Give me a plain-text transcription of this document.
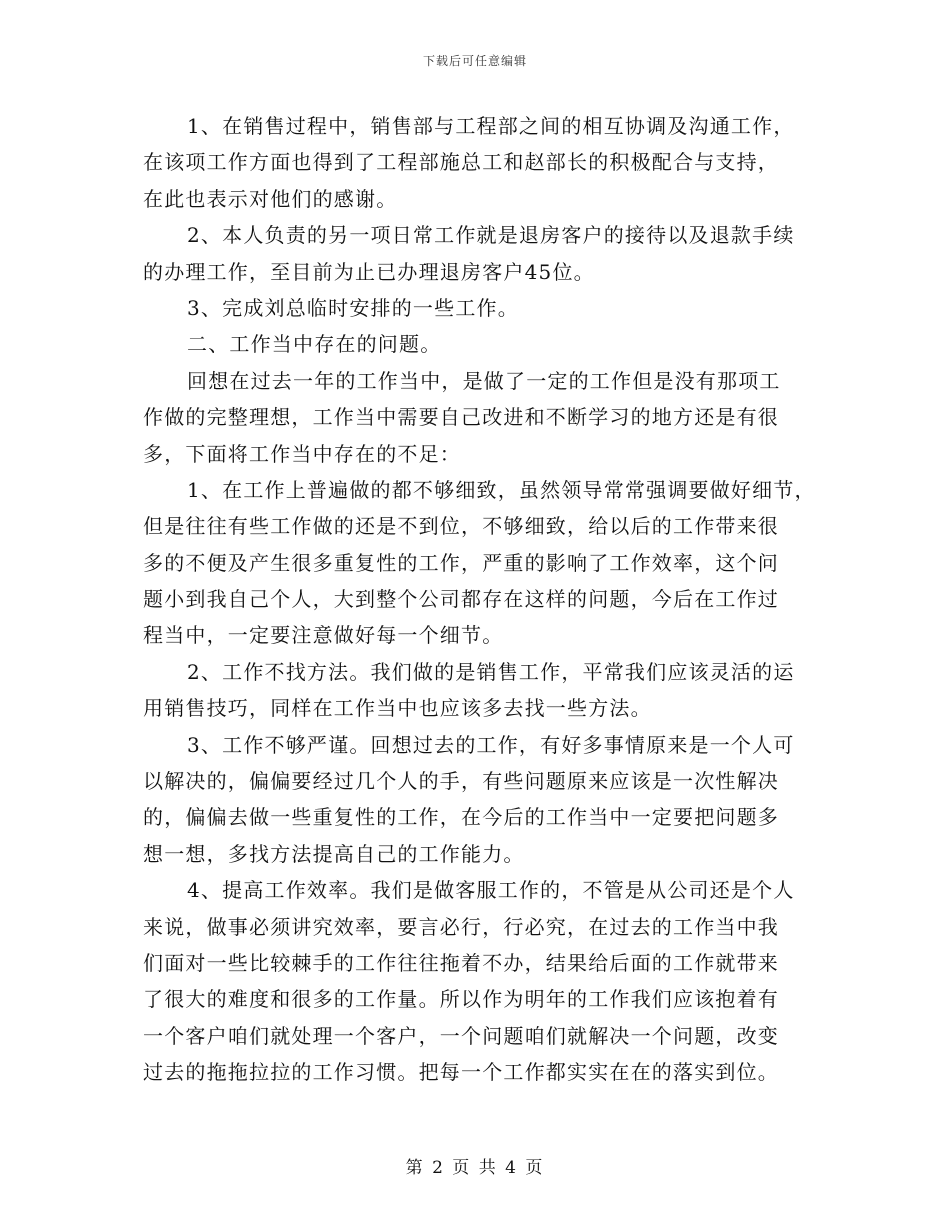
下载后可任意编辑
1、在销售过程中，销售部与工程部之间的相互协调及沟通工作，
在该项工作方面也得到了工程部施总工和赵部长的积极配合与支持，
在此也表示对他们的感谢。
2、本人负责的另一项日常工作就是退房客户的接待以及退款手续
的办理工作，至目前为止已办理退房客户45位。
3、完成刘总临时安排的一些工作。
二、工作当中存在的问题。
回想在过去一年的工作当中，是做了一定的工作但是没有那项工
作做的完整理想，工作当中需要自己改进和不断学习的地方还是有很
多，下面将工作当中存在的不足：
1、在工作上普遍做的都不够细致，虽然领导常常强调要做好细节，
但是往往有些工作做的还是不到位，不够细致，给以后的工作带来很
多的不便及产生很多重复性的工作，严重的影响了工作效率，这个问
题小到我自己个人，大到整个公司都存在这样的问题，今后在工作过
程当中，一定要注意做好每一个细节。
2、工作不找方法。我们做的是销售工作，平常我们应该灵活的运
用销售技巧，同样在工作当中也应该多去找一些方法。
3、工作不够严谨。回想过去的工作，有好多事情原来是一个人可
以解决的，偏偏要经过几个人的手，有些问题原来应该是一次性解决
的，偏偏去做一些重复性的工作，在今后的工作当中一定要把问题多
想一想，多找方法提高自己的工作能力。
4、提高工作效率。我们是做客服工作的，不管是从公司还是个人
来说，做事必须讲究效率，要言必行，行必究，在过去的工作当中我
们面对一些比较棘手的工作往往拖着不办，结果给后面的工作就带来
了很大的难度和很多的工作量。所以作为明年的工作我们应该抱着有
一个客户咱们就处理一个客户，一个问题咱们就解决一个问题，改变
过去的拖拖拉拉的工作习惯。把每一个工作都实实在在的落实到位。
第 2 页 共 4 页
